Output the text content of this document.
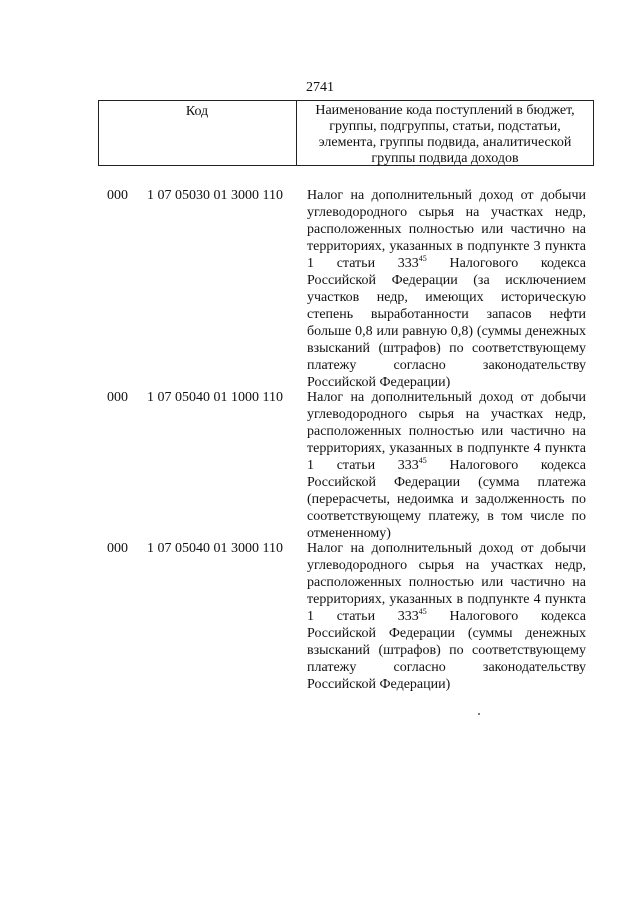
2741
Код	Наименование кода поступлений в бюджет,
группы, подгруппы, статьи, подстатьи,
элемента, группы подвида, аналитической
группы подвида доходов
000 1 07 05030 01 3000 110 Налог на дополнительный доход от добычи
углеводородного сырья на участках недр,
расположенных полностью или частично на
территориях, указанных в подпункте 3 пункта
1 статьи $333^{45}$ Налогового кодекса
Российской Федерации (за исключением
участков недр, имеющих историческую
степень выработанности запасов нефти
больше 0,8 или равную 0,8) (суммы денежных
взысканий (штрафов) по соответствующему
платежу согласно законодательству
Российской Федерации)
000 1 07 05040 01 1000 110 Налог на дополнительный доход от добычи
углеводородного сырья на участках недр,
расположенных полностью или частично на
территориях, указанных в подпункте 4 пункта
1 статьи $333^{45}$ Налогового кодекса
Российской Федерации (сумма платежа
(перерасчеты, недоимка и задолженность по
соответствующему платежу, в том числе по
отмененному)
000 1 07 05040 01 3000 110 Налог на дополнительный доход от добычи
углеводородного сырья на участках недр,
расположенных полностью или частично на
территориях, указанных в подпункте 4 пункта
1 статьи $333^{45}$ Налогового кодекса
Российской Федерации (суммы денежных
взысканий (штрафов) по соответствующему
платежу согласно законодательству
Российской Федерации)
